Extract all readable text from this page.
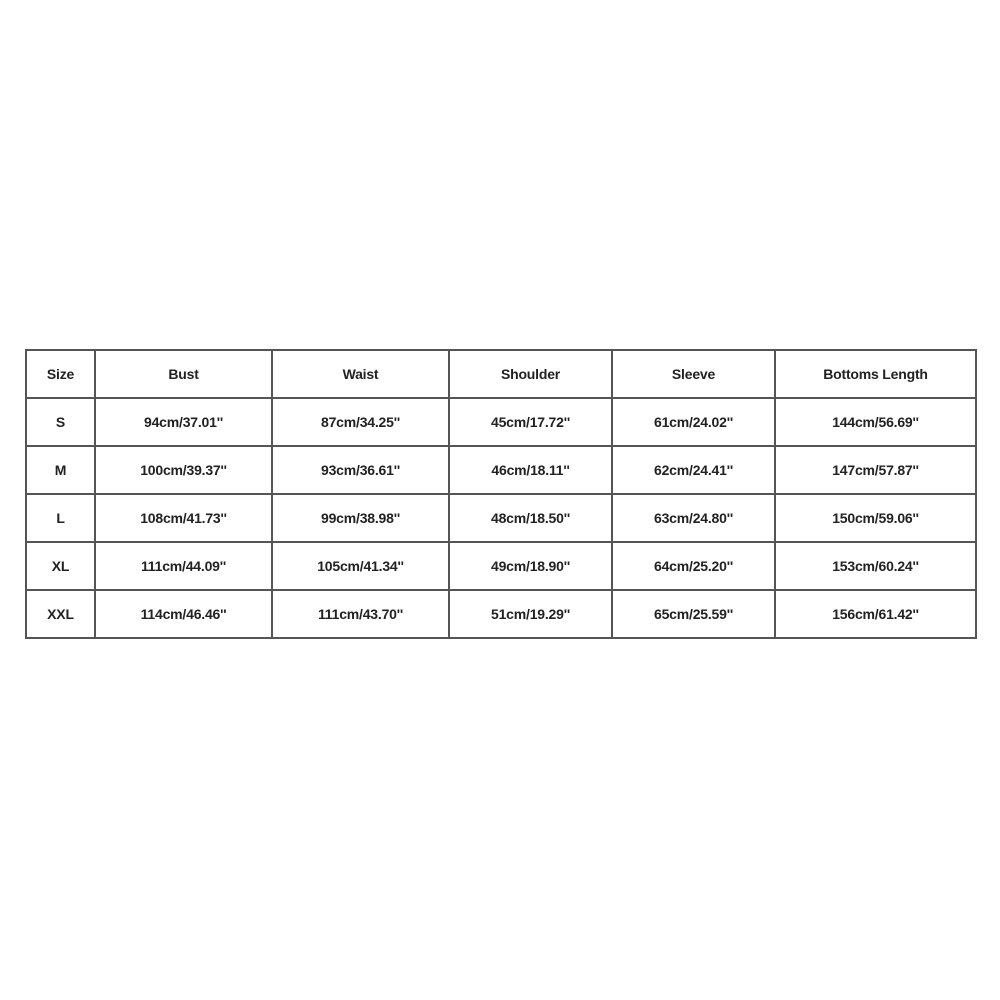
Size	Bust	Waist	Shoulder	Sleeve	Bottoms Length
S	94cm/37.01''	87cm/34.25''	45cm/17.72''	61cm/24.02''	144cm/56.69''
M	100cm/39.37''	93cm/36.61''	46cm/18.11''	62cm/24.41''	147cm/57.87''
L	108cm/41.73''	99cm/38.98''	48cm/18.50''	63cm/24.80''	150cm/59.06''
XL	111cm/44.09''	105cm/41.34''	49cm/18.90''	64cm/25.20''	153cm/60.24''
XXL	114cm/46.46''	111cm/43.70''	51cm/19.29''	65cm/25.59''	156cm/61.42''
